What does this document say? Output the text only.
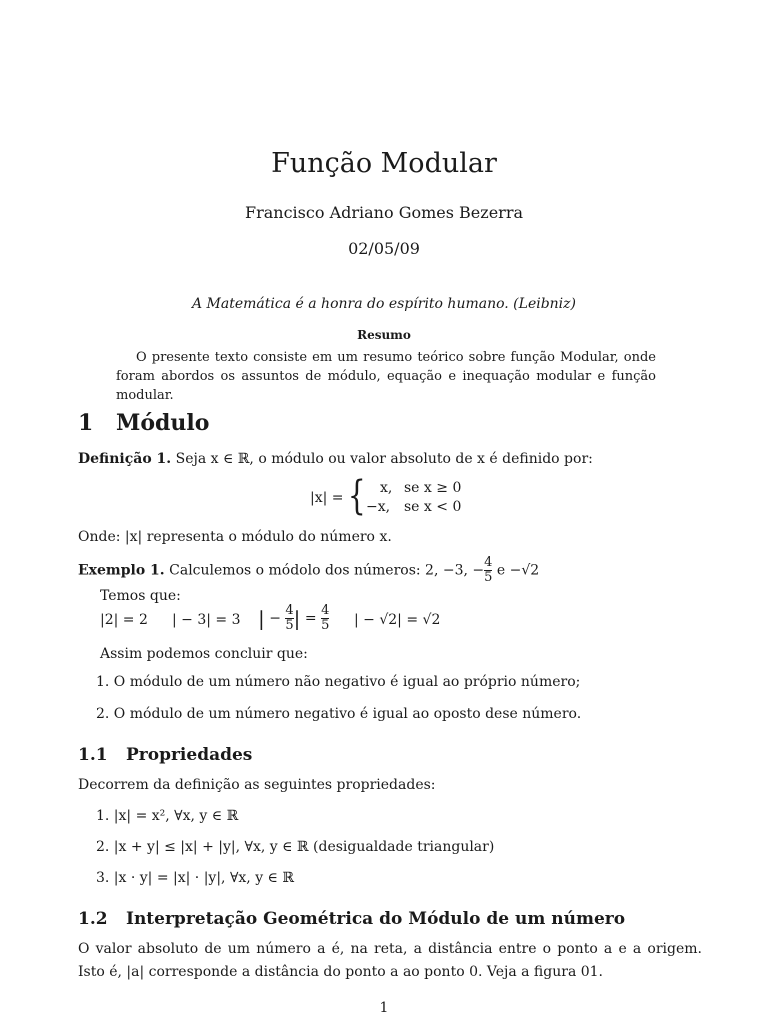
Função Modular
Francisco Adriano Gomes Bezerra
02/05/09
A Matemática é a honra do espírito humano. (Leibniz)
Resumo
O presente texto consiste em um resumo teórico sobre função Modular, onde foram abordos os assuntos de módulo, equação e inequação modular e função modular.
1 Módulo
Definição 1. Seja x ∈ ℝ, o módulo ou valor absoluto de x é definido por:
|x| = { x, se x ≥ 0
−x, se x < 0
Onde: |x| representa o módulo do número x.
Exemplo 1. Calculemos o módolo dos números: 2, −3, $-\frac{4}{5}$ e −√2
Temos que:
|2| = 2 | − 3| = 3 | − $\frac{4}{5}$ | = $\frac{4}{5}$ | − √2| = √2
Assim podemos concluir que:
1. O módulo de um número não negativo é igual ao próprio número;
2. O módulo de um número negativo é igual ao oposto dese número.
1.1 Propriedades
Decorrem da definição as seguintes propriedades:
1. |x| = x², ∀x, y ∈ ℝ
2. |x + y| ≤ |x| + |y|, ∀x, y ∈ ℝ (desigualdade triangular)
3. |x · y| = |x| · |y|, ∀x, y ∈ ℝ
1.2 Interpretação Geométrica do Módulo de um número
O valor absoluto de um número a é, na reta, a distância entre o ponto a e a origem. Isto é, |a| corresponde a distância do ponto a ao ponto 0. Veja a figura 01.
1
